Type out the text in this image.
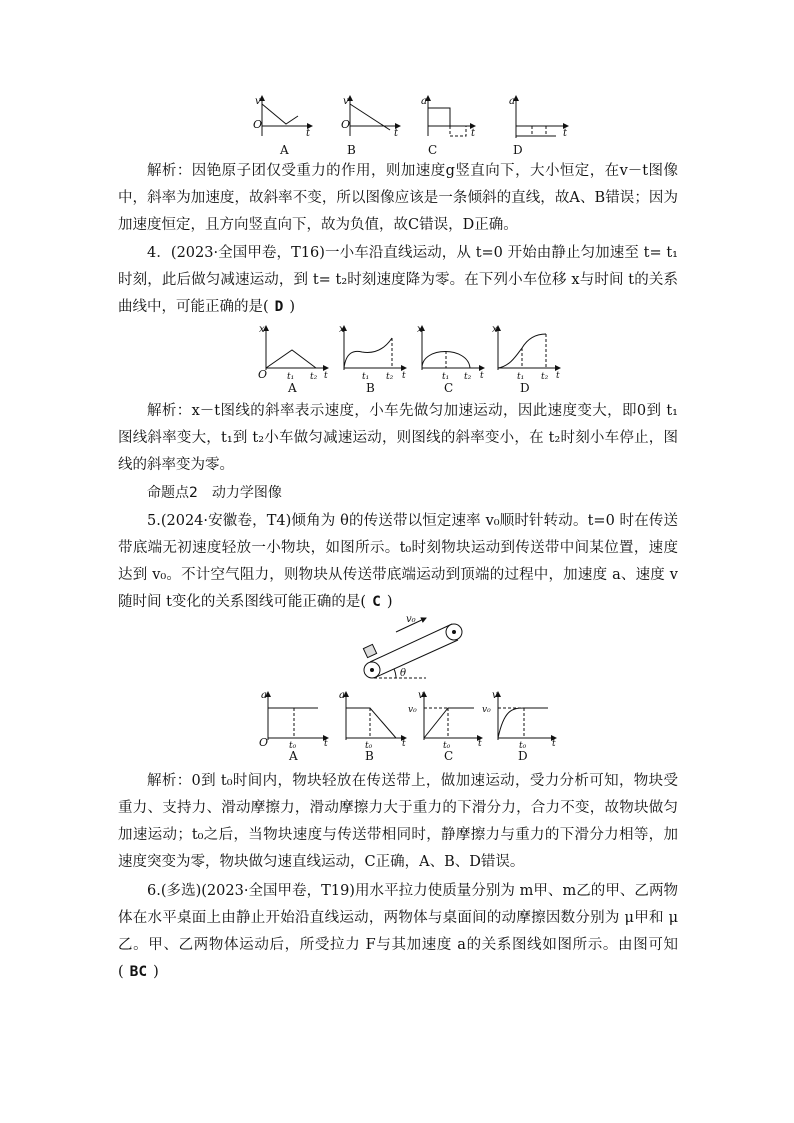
v
O
t
A
v
O
t
B
a
t
C
a
t
D

解析：因铯原子团仅受重力的作用，则加速度g竖直向下，大小恒定，在v－t图像中，斜率为加速度，故斜率不变，所以图像应该是一条倾斜的直线，故A、B错误；因为加速度恒定，且方向竖直向下，故为负值，故C错误，D正确。

4．(2023·全国甲卷，T16)一小车沿直线运动，从 t=0 开始由静止匀加速至 t= t₁时刻，此后做匀减速运动，到 t= t₂时刻速度降为零。在下列小车位移 x与时间 t的关系曲线中，可能正确的是( D )

x
O t₁ t₂ t
A
x
t₁ t₂ t
B
x
t₁ t₂ t
C
x
t₁ t₂ t
D

解析：x－t图线的斜率表示速度，小车先做匀加速运动，因此速度变大，即0到 t₁图线斜率变大，t₁到 t₂小车做匀减速运动，则图线的斜率变小，在 t₂时刻小车停止，图线的斜率变为零。

命题点2　动力学图像

5.(2024·安徽卷，T4)倾角为 θ的传送带以恒定速率 v₀顺时针转动。t=0 时在传送带底端无初速度轻放一小物块，如图所示。t₀时刻物块运动到传送带中间某位置，速度达到 v₀。不计空气阻力，则物块从传送带底端运动到顶端的过程中，加速度 a、速度 v随时间 t变化的关系图线可能正确的是( C )

v₀
θ
a
O t₀	t
A
a
t₀	t
B
v
v₀
t₀	t
C
v
v₀
t₀	t
D

解析：0到 t₀时间内，物块轻放在传送带上，做加速运动，受力分析可知，物块受重力、支持力、滑动摩擦力，滑动摩擦力大于重力的下滑分力，合力不变，故物块做匀加速运动；t₀之后，当物块速度与传送带相同时，静摩擦力与重力的下滑分力相等，加速度突变为零，物块做匀速直线运动，C正确，A、B、D错误。

6.(多选)(2023·全国甲卷，T19)用水平拉力使质量分别为 m甲、m乙的甲、乙两物体在水平桌面上由静止开始沿直线运动，两物体与桌面间的动摩擦因数分别为 μ甲和 μ乙。甲、乙两物体运动后，所受拉力 F与其加速度 a的关系图线如图所示。由图可知( BC )
